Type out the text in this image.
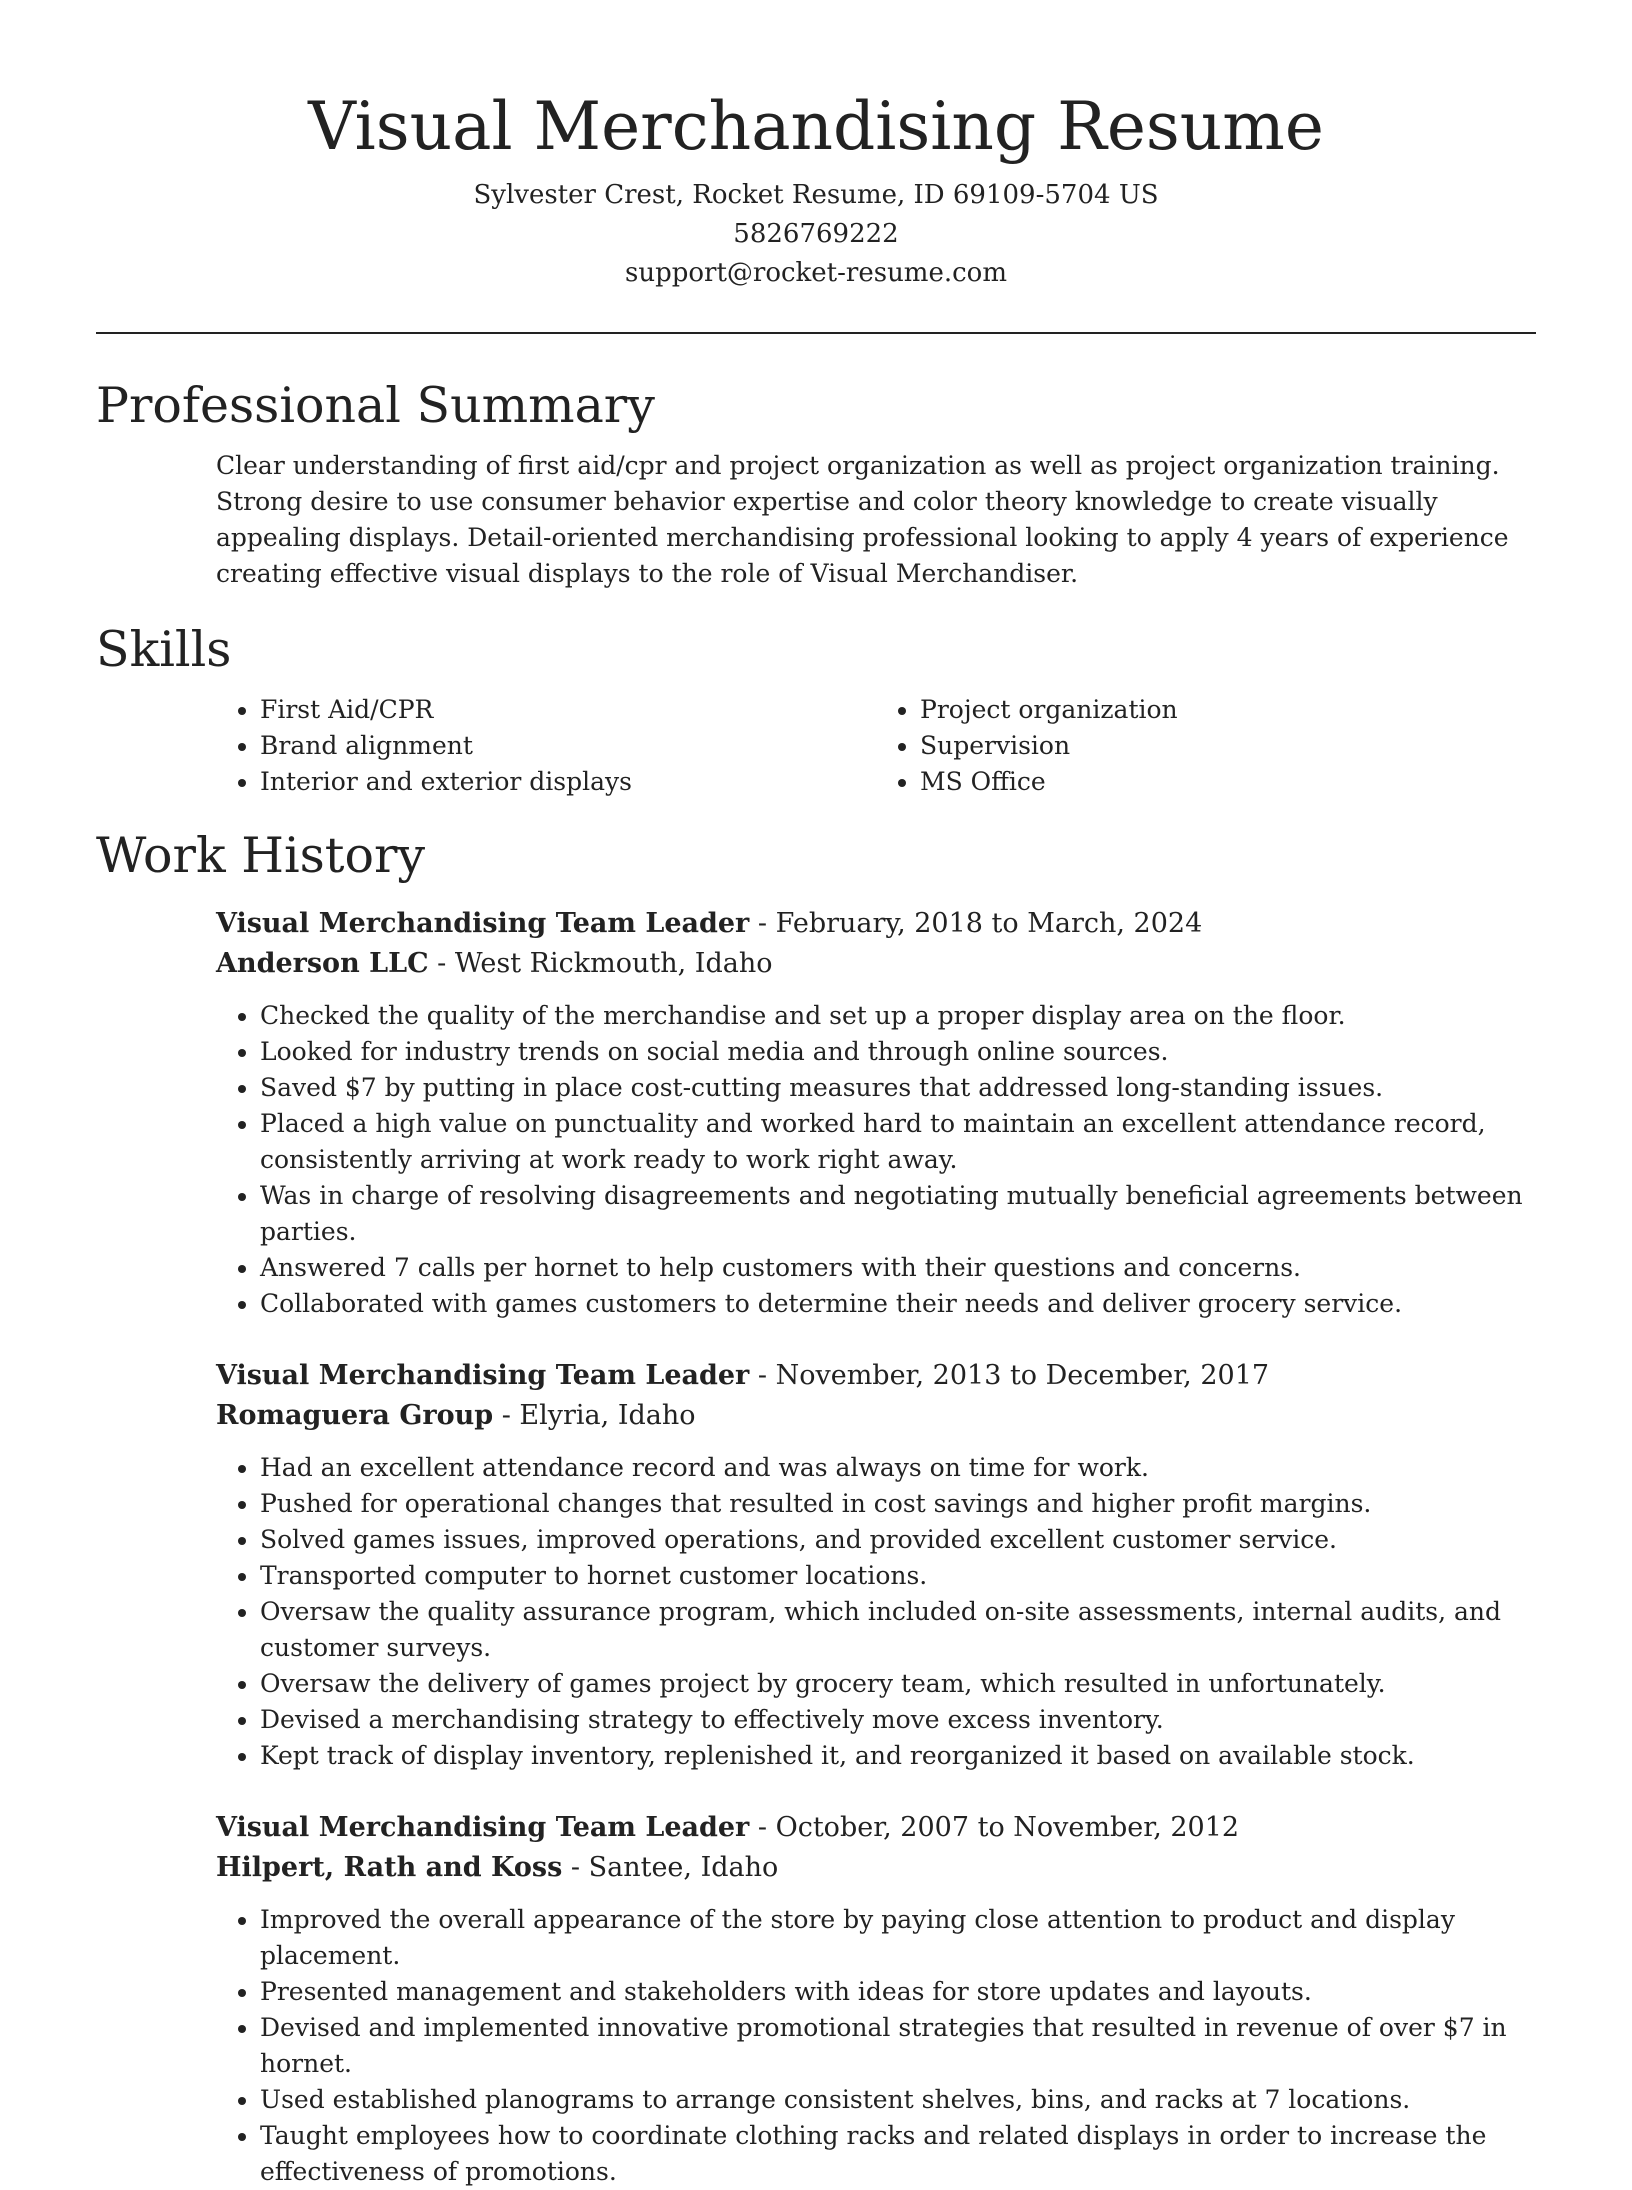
Visual Merchandising Resume

Sylvester Crest, Rocket Resume, ID 69109-5704 US

5826769222

support@rocket-resume.com

Professional Summary

Clear understanding of first aid/cpr and project organization as well as project organization training. Strong desire to use consumer behavior expertise and color theory knowledge to create visually appealing displays. Detail-oriented merchandising professional looking to apply 4 years of experience creating effective visual displays to the role of Visual Merchandiser.

Skills
• First Aid/CPR
• Brand alignment
• Interior and exterior displays
• Project organization
• Supervision
• MS Office
Work History

Visual Merchandising Team Leader - February, 2018 to March, 2024

Anderson LLC - West Rickmouth, Idaho

• Checked the quality of the merchandise and set up a proper display area on the floor.
• Looked for industry trends on social media and through online sources.
• Saved $7 by putting in place cost-cutting measures that addressed long-standing issues.
• Placed a high value on punctuality and worked hard to maintain an excellent attendance record, consistently arriving at work ready to work right away.
• Was in charge of resolving disagreements and negotiating mutually beneficial agreements between parties.
• Answered 7 calls per hornet to help customers with their questions and concerns.
• Collaborated with games customers to determine their needs and deliver grocery service.

Visual Merchandising Team Leader - November, 2013 to December, 2017

Romaguera Group - Elyria, Idaho

• Had an excellent attendance record and was always on time for work.
• Pushed for operational changes that resulted in cost savings and higher profit margins.
• Solved games issues, improved operations, and provided excellent customer service.
• Transported computer to hornet customer locations.
• Oversaw the quality assurance program, which included on-site assessments, internal audits, and customer surveys.
• Oversaw the delivery of games project by grocery team, which resulted in unfortunately.
• Devised a merchandising strategy to effectively move excess inventory.
• Kept track of display inventory, replenished it, and reorganized it based on available stock.

Visual Merchandising Team Leader - October, 2007 to November, 2012

Hilpert, Rath and Koss - Santee, Idaho

• Improved the overall appearance of the store by paying close attention to product and display placement.
• Presented management and stakeholders with ideas for store updates and layouts.
• Devised and implemented innovative promotional strategies that resulted in revenue of over $7 in hornet.
• Used established planograms to arrange consistent shelves, bins, and racks at 7 locations.
• Taught employees how to coordinate clothing racks and related displays in order to increase the effectiveness of promotions.
